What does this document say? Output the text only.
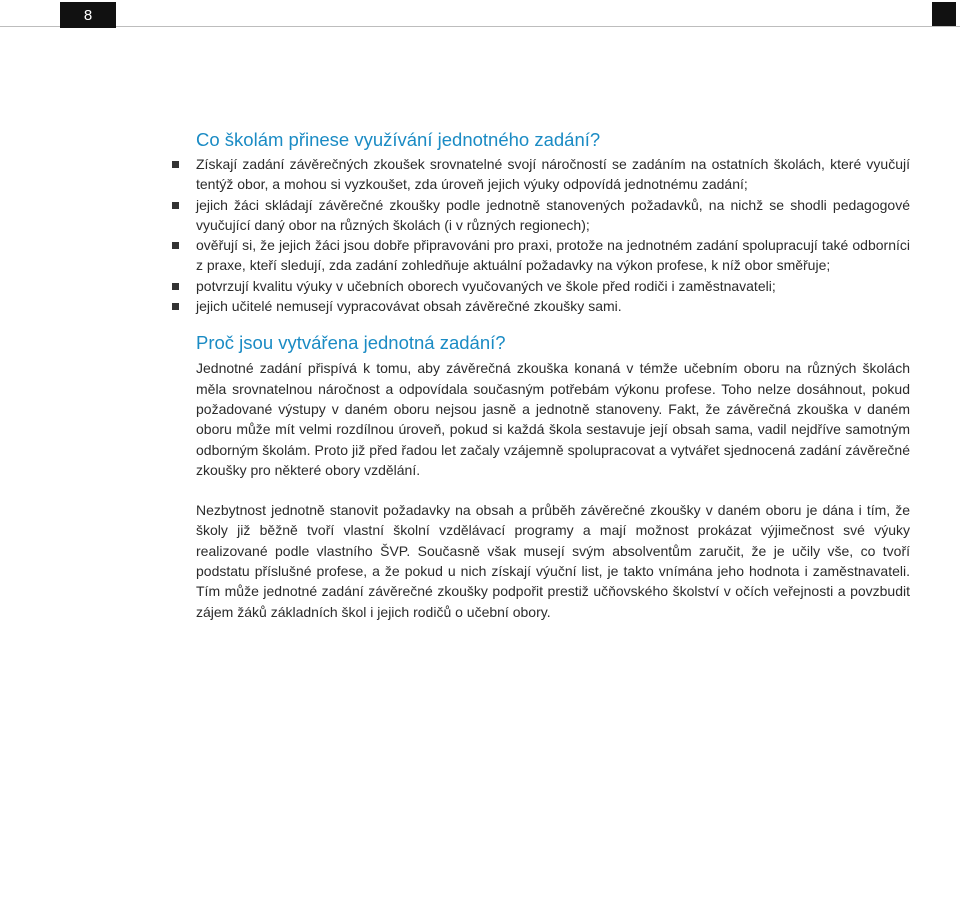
8
Co školám přinese využívání jednotného zadání?
Získají zadání závěrečných zkoušek srovnatelné svojí náročností se zadáním na ostatních školách, které vyučují tentýž obor, a mohou si vyzkoušet, zda úroveň jejich výuky odpovídá jednotnému zadání;
jejich žáci skládají závěrečné zkoušky podle jednotně stanovených požadavků, na nichž se shodli pedagogové vyučující daný obor na různých školách (i v různých regionech);
ověřují si, že jejich žáci jsou dobře připravováni pro praxi, protože na jednotném zadání spolupracují také odborníci z praxe, kteří sledují, zda zadání zohledňuje aktuální požadavky na výkon profese, k níž obor směřuje;
potvrzují kvalitu výuky v učebních oborech vyučovaných ve škole před rodiči i zaměstnavateli;
jejich učitelé nemusejí vypracovávat obsah závěrečné zkoušky sami.
Proč jsou vytvářena jednotná zadání?

Jednotné zadání přispívá k tomu, aby závěrečná zkouška konaná v témže učebním oboru na různých školách měla srovnatelnou náročnost a odpovídala současným potřebám výkonu profese. Toho nelze dosáhnout, pokud požadované výstupy v daném oboru nejsou jasně a jednotně stanoveny. Fakt, že závěrečná zkouška v daném oboru může mít velmi rozdílnou úroveň, pokud si každá škola sestavuje její obsah sama, vadil nejdříve samotným odborným školám. Proto již před řadou let začaly vzájemně spolupracovat a vytvářet sjednocená zadání závěrečné zkoušky pro některé obory vzdělání.

Nezbytnost jednotně stanovit požadavky na obsah a průběh závěrečné zkoušky v daném oboru je dána i tím, že školy již běžně tvoří vlastní školní vzdělávací programy a mají možnost prokázat výjimečnost své výuky realizované podle vlastního ŠVP. Současně však musejí svým absolventům zaručit, že je učily vše, co tvoří podstatu příslušné profese, a že pokud u nich získají výuční list, je takto vnímána jeho hodnota i zaměstnavateli. Tím může jednotné zadání závěrečné zkoušky podpořit prestiž učňovského školství v očích veřejnosti a povzbudit zájem žáků základních škol i jejich rodičů o učební obory.
